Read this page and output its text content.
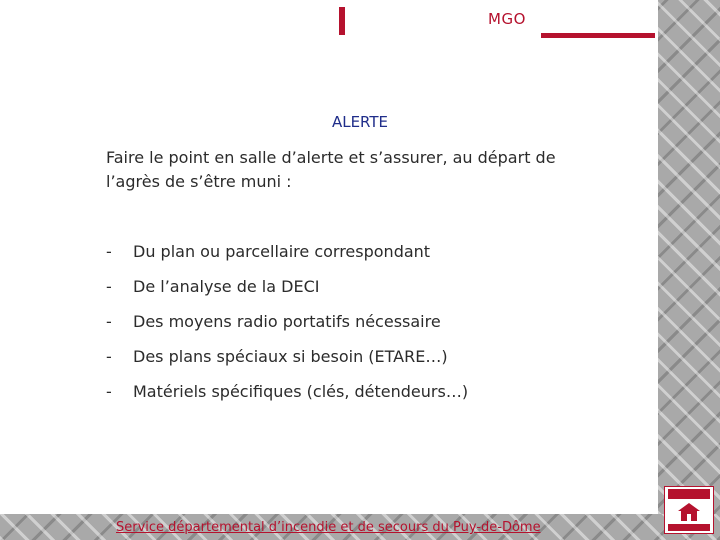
MGO
ALERTE
Faire le point en salle d’alerte et s’assurer, au départ de l’agrès de s’être muni :
-	Du plan ou parcellaire correspondant
-	De l’analyse de la DECI
-	Des moyens radio portatifs nécessaire
-	Des plans spéciaux si besoin (ETARE…)
-	Matériels spécifiques (clés, détendeurs…)
Service départemental d’incendie et de secours du Puy-de-Dôme
